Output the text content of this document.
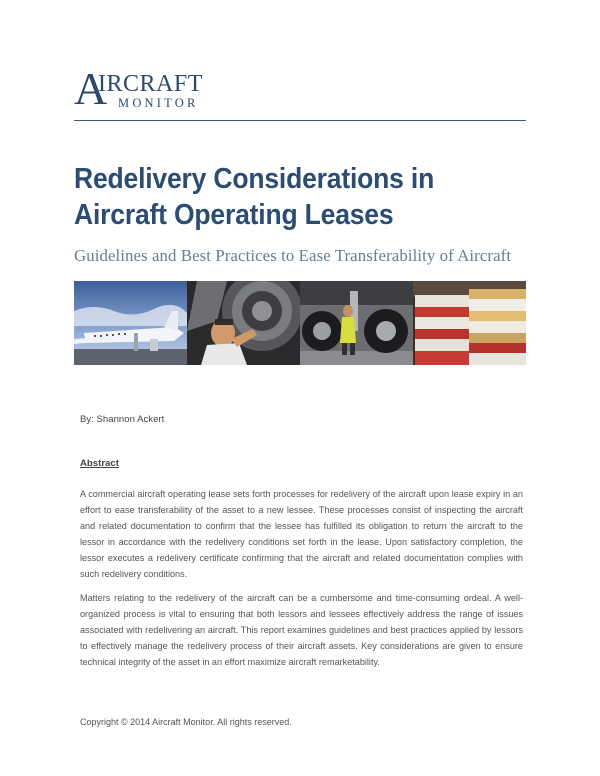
A
IRCRAFT
MONITOR
Redelivery Considerations in Aircraft Operating Leases
Guidelines and Best Practices to Ease Transferability of Aircraft
By: Shannon Ackert
Abstract
A commercial aircraft operating lease sets forth processes for redelivery of the aircraft upon lease expiry in an effort to ease transferability of the asset to a new lessee. These processes consist of inspecting the aircraft and related documentation to confirm that the lessee has fulfilled its obligation to return the aircraft to the lessor in accordance with the redelivery conditions set forth in the lease. Upon satisfactory completion, the lessor executes a redelivery certificate confirming that the aircraft and related documentation complies with such redelivery conditions.
Matters relating to the redelivery of the aircraft can be a cumbersome and time-consuming ordeal. A well-organized process is vital to ensuring that both lessors and lessees effectively address the range of issues associated with redelivering an aircraft. This report examines guidelines and best practices applied by lessors to effectively manage the redelivery process of their aircraft assets. Key considerations are given to ensure technical integrity of the asset in an effort maximize aircraft remarketability.
Copyright © 2014 Aircraft Monitor. All rights reserved.
